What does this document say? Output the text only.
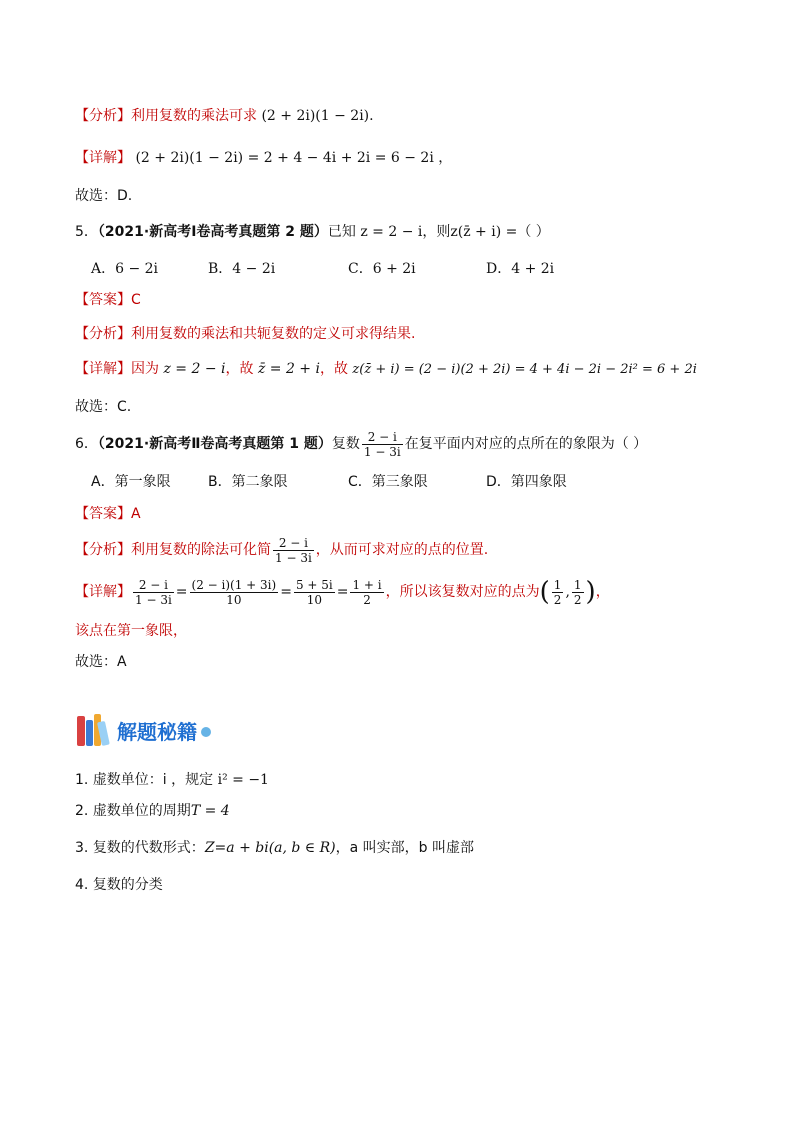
【分析】利用复数的乘法可求 (2 + 2i)(1 − 2i).
【详解】 (2 + 2i)(1 − 2i) = 2 + 4 − 4i + 2i = 6 − 2i ，
故选：D.
5．（2021·新高考Ⅰ卷高考真题第 2 题）已知 z = 2 − i，则z(z̄ + i) =（ ）
A．6 − 2i	B．4 − 2i	C．6 + 2i	D．4 + 2i
【答案】C
【分析】利用复数的乘法和共轭复数的定义可求得结果.
【详解】因为 z = 2 − i，故 z̄ = 2 + i，故 z(z̄ + i) = (2 − i)(2 + 2i) = 4 + 4i − 2i − 2i² = 6 + 2i
故选：C.
6．（2021·新高考Ⅱ卷高考真题第 1 题）复数 $\frac{2 - i}{1 - 3i}$ 在复平面内对应的点所在的象限为（ ）
A．第一象限	B．第二象限	C．第三象限	D．第四象限
【答案】A
【分析】利用复数的除法可化简 $\frac{2 - i}{1 - 3i}$ ，从而可求对应的点的位置.
【详解】 $\frac{2 - i}{1 - 3i} = \frac{(2 - i)(1 + 3i)}{10} = \frac{5 + 5i}{10} = \frac{1 + i}{2}$ ，所以该复数对应的点为( $\frac{1}{2}$ , $\frac{1}{2}$ )，
该点在第一象限，
故选：A
解题秘籍
1. 虚数单位：i ，规定 i² = −1
2. 虚数单位的周期T = 4
3. 复数的代数形式：Z=a + bi(a, b ∈ R)，a 叫实部，b 叫虚部
4. 复数的分类
